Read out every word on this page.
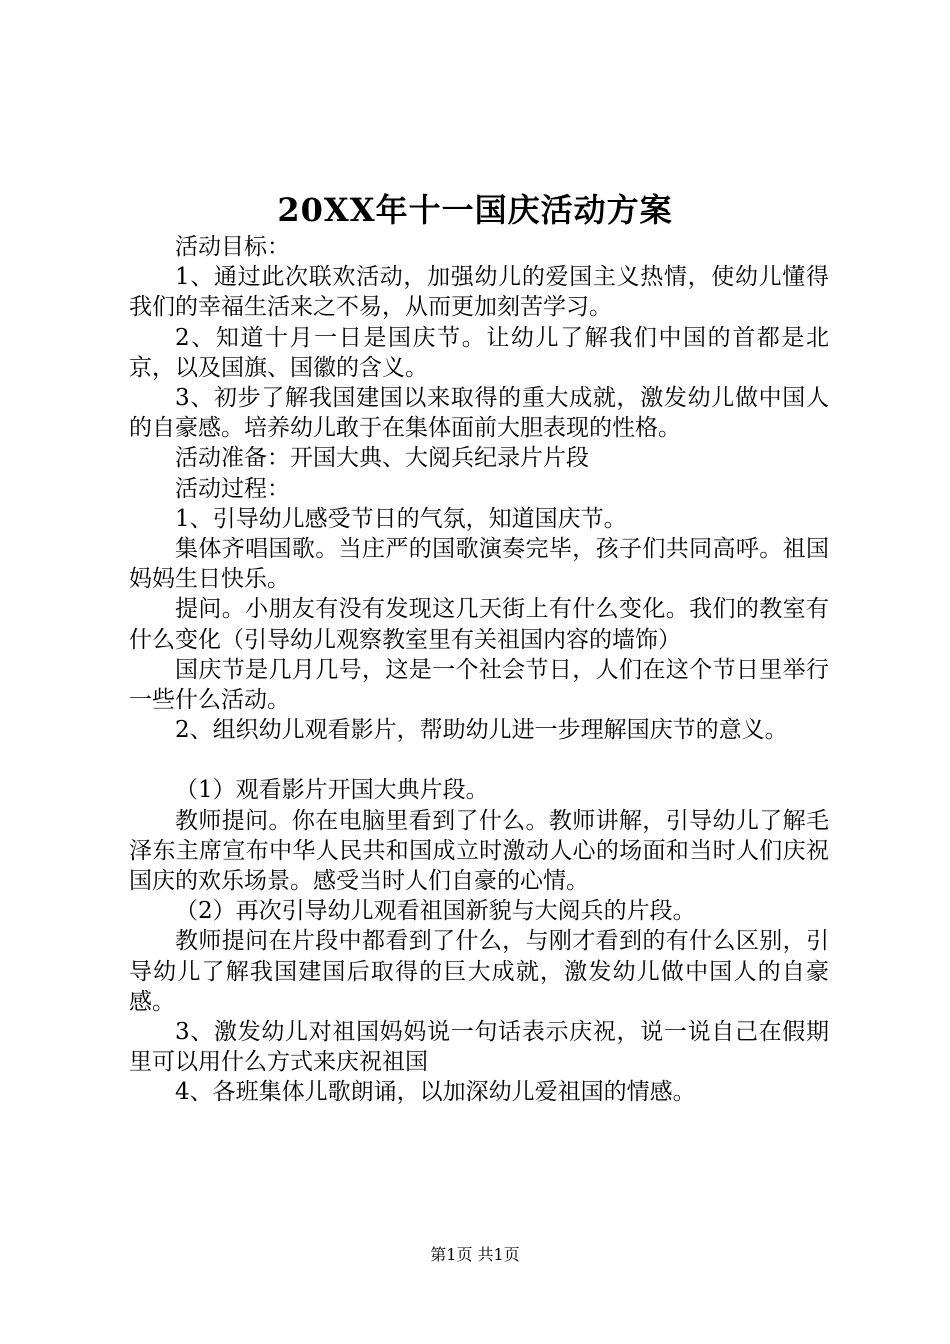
20XX年十一国庆活动方案

活动目标：

1、通过此次联欢活动，加强幼儿的爱国主义热情，使幼儿懂得我们的幸福生活来之不易，从而更加刻苦学习。

2、知道十月一日是国庆节。让幼儿了解我们中国的首都是北京，以及国旗、国徽的含义。

3、初步了解我国建国以来取得的重大成就，激发幼儿做中国人的自豪感。培养幼儿敢于在集体面前大胆表现的性格。

活动准备：开国大典、大阅兵纪录片片段

活动过程：

1、引导幼儿感受节日的气氛，知道国庆节。

集体齐唱国歌。当庄严的国歌演奏完毕，孩子们共同高呼。祖国妈妈生日快乐。

提问。小朋友有没有发现这几天街上有什么变化。我们的教室有什么变化（引导幼儿观察教室里有关祖国内容的墙饰）

国庆节是几月几号，这是一个社会节日，人们在这个节日里举行一些什么活动。

2、组织幼儿观看影片，帮助幼儿进一步理解国庆节的意义。

（1）观看影片开国大典片段。

教师提问。你在电脑里看到了什么。教师讲解，引导幼儿了解毛泽东主席宣布中华人民共和国成立时激动人心的场面和当时人们庆祝国庆的欢乐场景。感受当时人们自豪的心情。

（2）再次引导幼儿观看祖国新貌与大阅兵的片段。

教师提问在片段中都看到了什么，与刚才看到的有什么区别，引导幼儿了解我国建国后取得的巨大成就，激发幼儿做中国人的自豪感。

3、激发幼儿对祖国妈妈说一句话表示庆祝，说一说自己在假期里可以用什么方式来庆祝祖国

4、各班集体儿歌朗诵，以加深幼儿爱祖国的情感。

第1页 共1页
